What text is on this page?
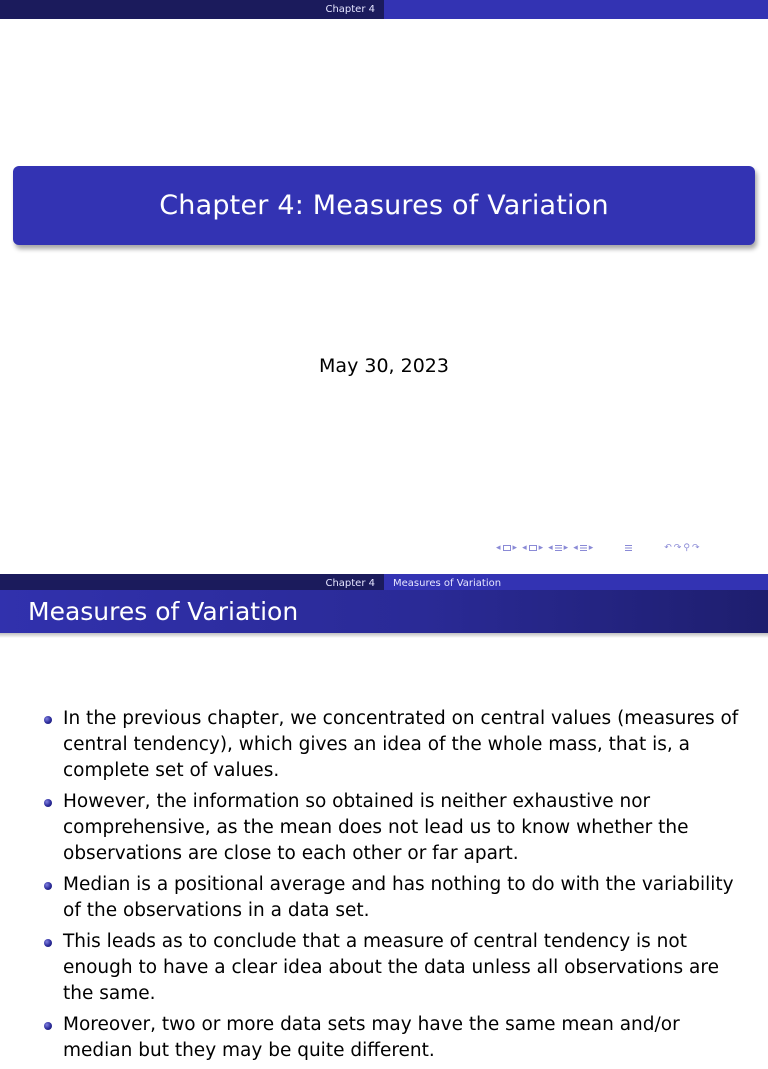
Chapter 4
Chapter 4: Measures of Variation
May 30, 2023
◂ ▸ ◂ ▸ ◂ ▸ ◂ ▸	↶ ↷ ⚲ ↷
Chapter 4 Measures of Variation
Measures of Variation
In the previous chapter, we concentrated on central values (measures of central tendency), which gives an idea of the whole mass, that is, a complete set of values.
However, the information so obtained is neither exhaustive nor comprehensive, as the mean does not lead us to know whether the observations are close to each other or far apart.
Median is a positional average and has nothing to do with the variability of the observations in a data set.
This leads as to conclude that a measure of central tendency is not enough to have a clear idea about the data unless all observations are the same.
Moreover, two or more data sets may have the same mean and/or median but they may be quite different.
